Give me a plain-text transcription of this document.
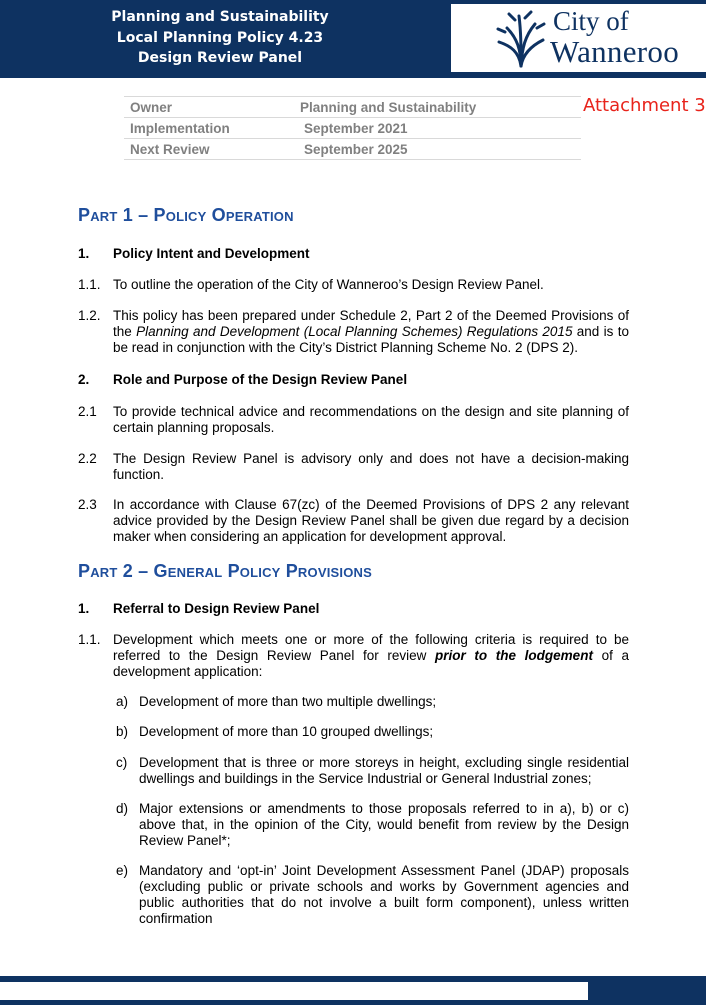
Planning and Sustainability
Local Planning Policy 4.23
Design Review Panel
City of
Wanneroo
Attachment 3
Owner	Planning and Sustainability
Implementation	September 2021
Next Review	September 2025
Part 1 – Policy Operation
1. Policy Intent and Development
1.1. To outline the operation of the City of Wanneroo’s Design Review Panel.
1.2. This policy has been prepared under Schedule 2, Part 2 of the Deemed Provisions of the Planning and Development (Local Planning Schemes) Regulations 2015 and is to be read in conjunction with the City’s District Planning Scheme No. 2 (DPS 2).
2. Role and Purpose of the Design Review Panel
2.1 To provide technical advice and recommendations on the design and site planning of certain planning proposals.
2.2 The Design Review Panel is advisory only and does not have a decision-making function.
2.3 In accordance with Clause 67(zc) of the Deemed Provisions of DPS 2 any relevant advice provided by the Design Review Panel shall be given due regard by a decision maker when considering an application for development approval.
Part 2 – General Policy Provisions
1. Referral to Design Review Panel
1.1. Development which meets one or more of the following criteria is required to be referred to the Design Review Panel for review prior to the lodgement of a development application:
a) Development of more than two multiple dwellings;
b) Development of more than 10 grouped dwellings;
c) Development that is three or more storeys in height, excluding single residential dwellings and buildings in the Service Industrial or General Industrial zones;
d) Major extensions or amendments to those proposals referred to in a), b) or c) above that, in the opinion of the City, would benefit from review by the Design Review Panel*;
e) Mandatory and ‘opt-in’ Joint Development Assessment Panel (JDAP) proposals (excluding public or private schools and works by Government agencies and public authorities that do not involve a built form component), unless written confirmation
